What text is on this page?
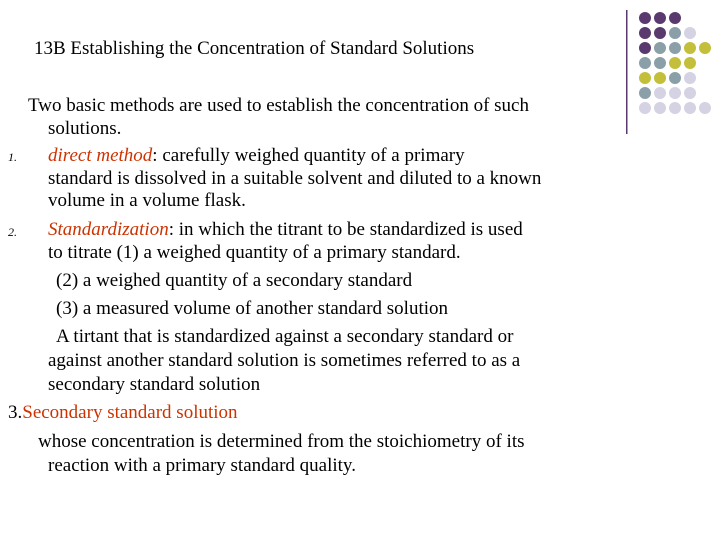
13B Establishing the Concentration of Standard Solutions
Two basic methods are used to establish the concentration of such
solutions.
1. direct method: carefully weighed quantity of a primary
standard is dissolved in a suitable solvent and diluted to a known
volume in a volume flask.
2. Standardization: in which the titrant to be standardized is used
to titrate (1) a weighed quantity of a primary standard.
(2) a weighed quantity of a secondary standard
(3) a measured volume of another standard solution
A tirtant that is standardized against a secondary standard or
against another standard solution is sometimes referred to as a
secondary standard solution
3.Secondary standard solution
whose concentration is determined from the stoichiometry of its
reaction with a primary standard quality.
